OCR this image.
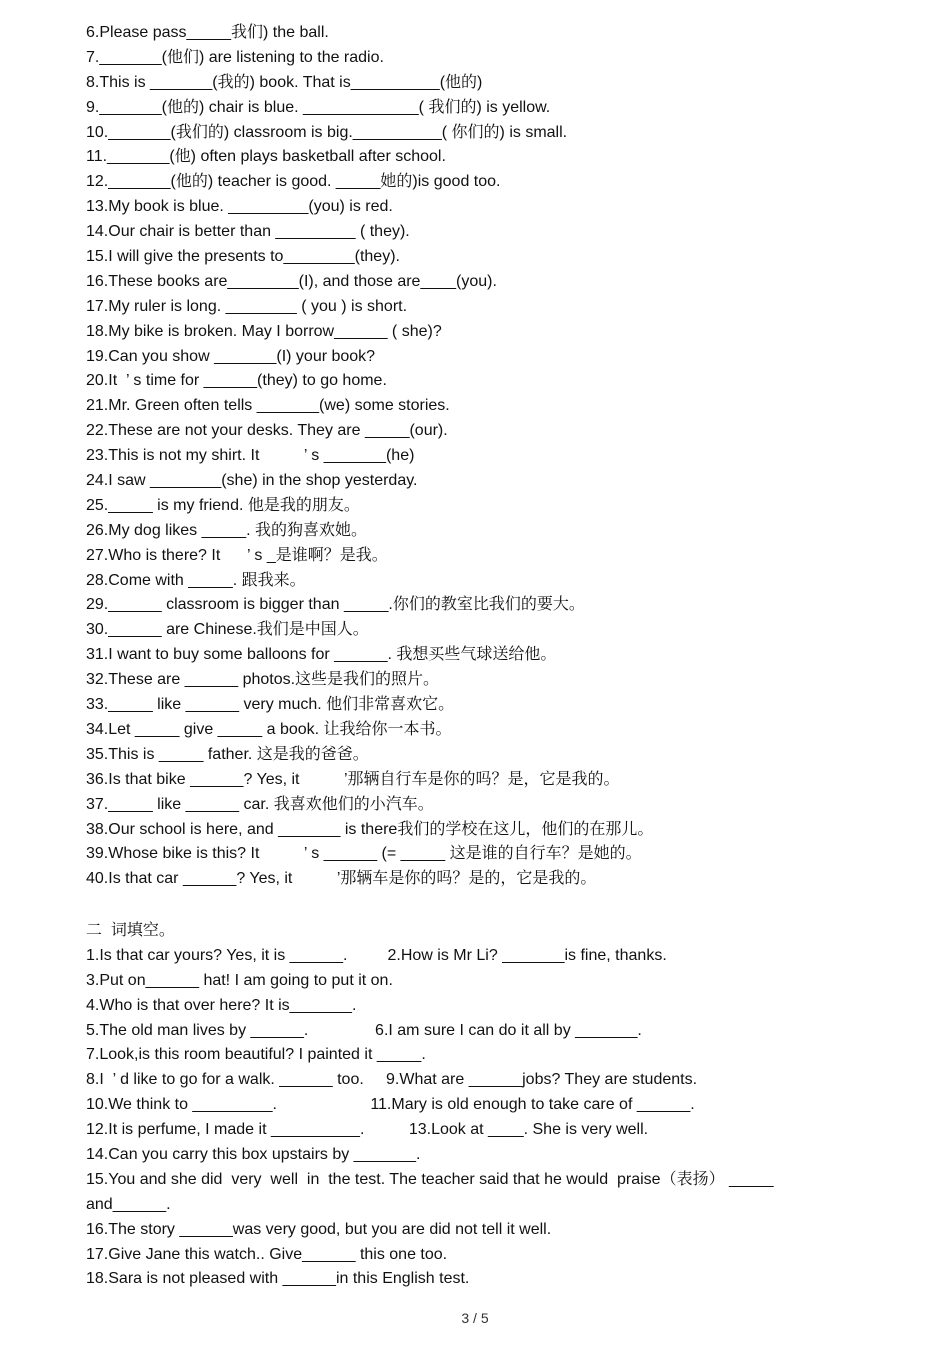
6.Please pass_____我们) the ball.
7._______(他们) are listening to the radio.
8.This is _______(我的) book. That is__________(他的)
9._______(他的) chair is blue. _____________( 我们的) is yellow.
10._______(我们的) classroom is big.__________( 你们的) is small.
11._______(他) often plays basketball after school.
12._______(他的) teacher is good. _____她的)is good too.
13.My book is blue. _________(you) is red.
14.Our chair is better than _________ ( they).
15.I will give the presents to________(they).
16.These books are________(I), and those are____(you).
17.My ruler is long. ________ ( you ) is short.
18.My bike is broken. May I borrow______ ( she)?
19.Can you show _______(I) your book?
20.It  ’ s time for ______(they) to go home.
21.Mr. Green often tells _______(we) some stories.
22.These are not your desks. They are _____(our).
23.This is not my shirt. It          ’ s _______(he)
24.I saw ________(she) in the shop yesterday.
25._____ is my friend. 他是我的朋友。
26.My dog likes _____. 我的狗喜欢她。
27.Who is there? It      ’ s _是谁啊？是我。
28.Come with _____. 跟我来。
29.______ classroom is bigger than _____.你们的教室比我们的要大。
30.______ are Chinese.我们是中国人。
31.I want to buy some balloons for ______. 我想买些气球送给他。
32.These are ______ photos.这些是我们的照片。
33._____ like ______ very much. 他们非常喜欢它。
34.Let _____ give _____ a book. 让我给你一本书。
35.This is _____ father. 这是我的爸爸。
36.Is that bike ______? Yes, it          ’那辆自行车是你的吗？是，它是我的。
37._____ like ______ car. 我喜欢他们的小汽车。
38.Our school is here, and _______ is there我们的学校在这儿，他们的在那儿。
39.Whose bike is this? It          ’ s ______ (= _____ 这是谁的自行车？是她的。
40.Is that car ______? Yes, it          ’那辆车是你的吗？是的，它是我的。
二  词填空。
1.Is that car yours? Yes, it is ______.         2.How is Mr Li? _______is fine, thanks.
3.Put on______ hat! I am going to put it on.
4.Who is that over here? It is_______.
5.The old man lives by ______.               6.I am sure I can do it all by _______.
7.Look,is this room beautiful? I painted it _____.
8.I  ’ d like to go for a walk. ______ too.     9.What are ______jobs? They are students.
10.We think to _________.                     11.Mary is old enough to take care of ______.
12.It is perfume, I made it __________.          13.Look at ____. She is very well.
14.Can you carry this box upstairs by _______.
15.You and she did  very  well  in  the test. The teacher said that he would  praise（表扬） _____
and______.
16.The story ______was very good, but you are did not tell it well.
17.Give Jane this watch.. Give______ this one too.
18.Sara is not pleased with ______in this English test.
3 / 5
